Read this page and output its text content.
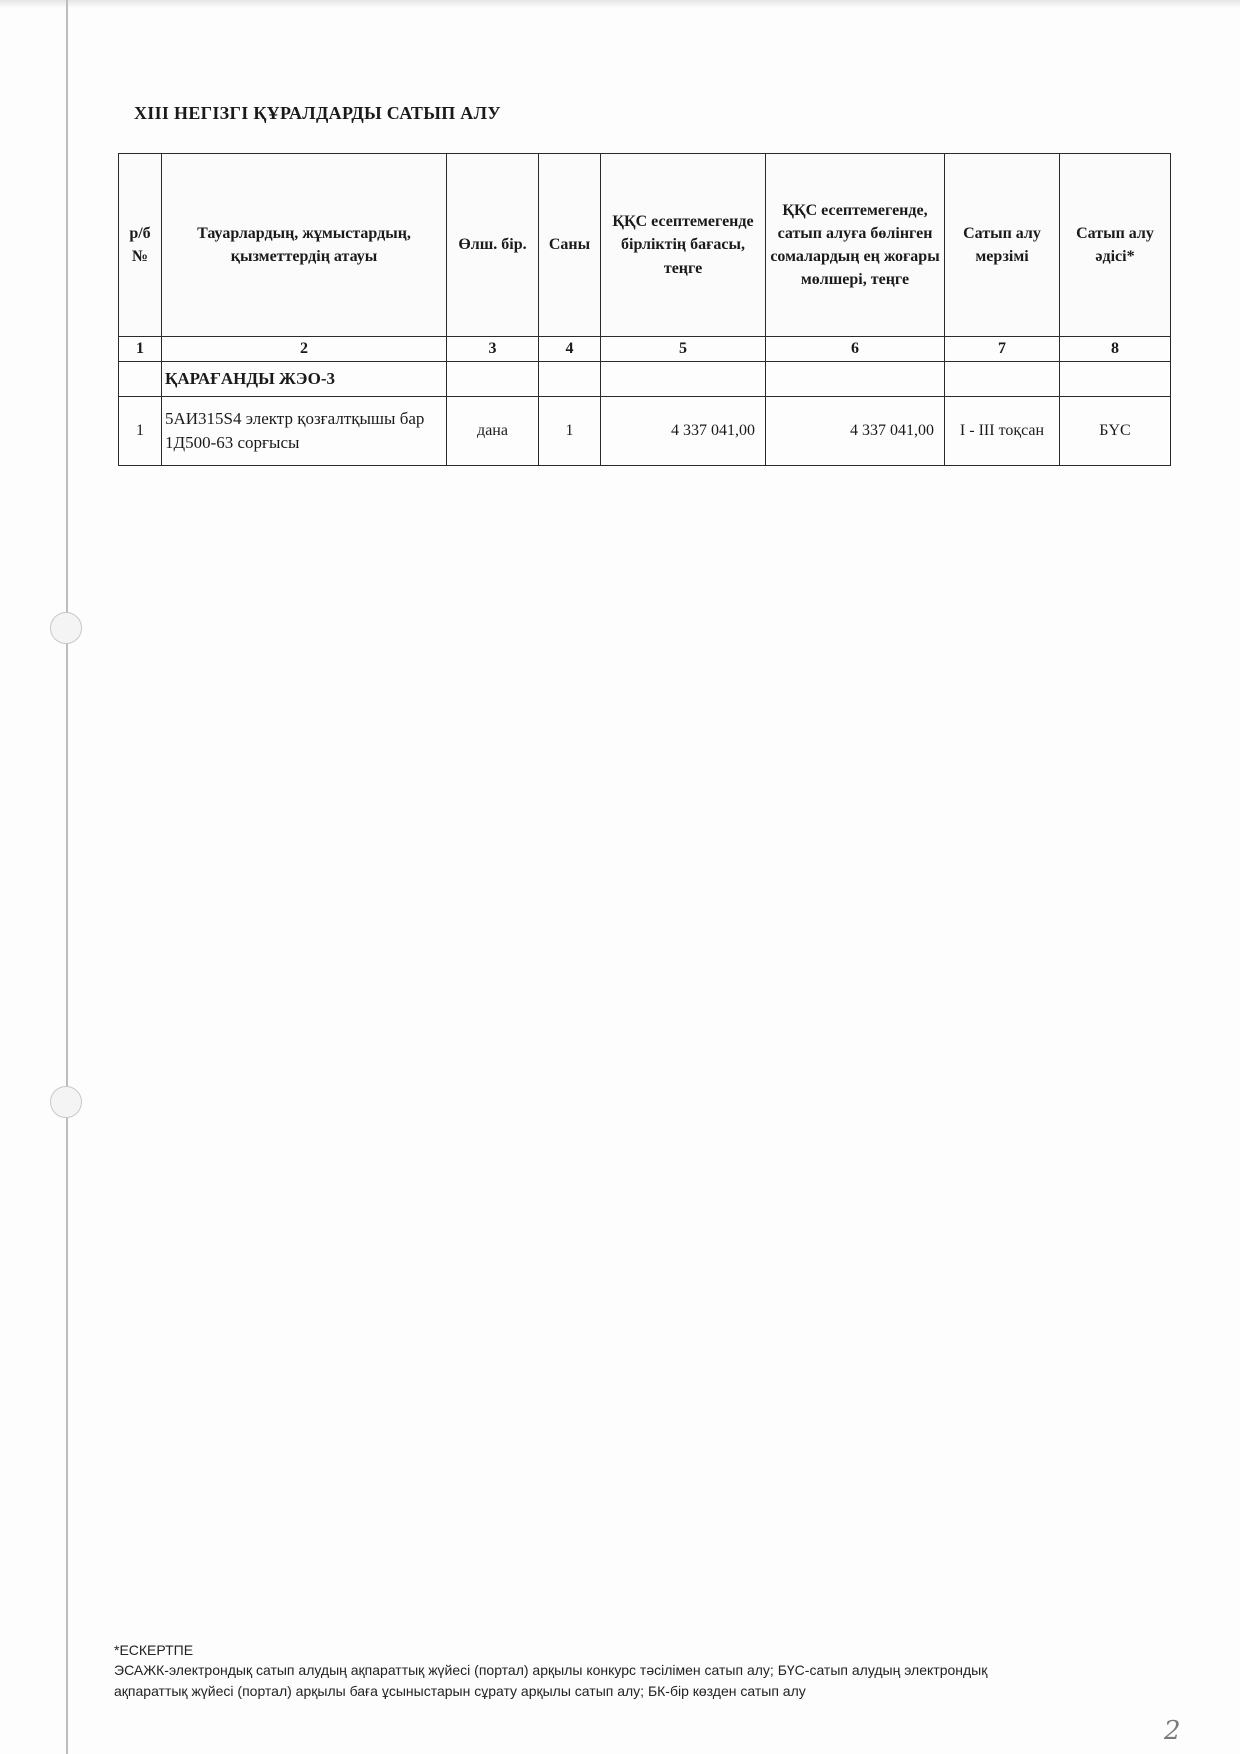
XIII НЕГІЗГІ ҚҰРАЛДАРДЫ САТЫП АЛУ
р/б №	Тауарлардың, жұмыстардың, қызметтердің атауы	Өлш. бір.	Саны	ҚҚС есептемегенде бірліктің бағасы, теңге	ҚҚС есептемегенде, сатып алуға бөлінген сомалардың ең жоғары мөлшері, теңге	Сатып алу мерзімі	Сатып алу әдісі*
1	2	3	4	5	6	7	8
	ҚАРАҒАНДЫ ЖЭО-3						
1	5АИ315S4 электр қозғалтқышы бар 1Д500-63 сорғысы	дана	1	4 337 041,00	4 337 041,00	I - III тоқсан	БҮС

*ЕСКЕРТПЕ

ЭСАЖК-электрондық сатып алудың ақпараттық жүйесі (портал) арқылы конкурс тәсілімен сатып алу; БҮС-сатып алудың электрондық

ақпараттық жүйесі (портал) арқылы баға ұсыныстарын сұрату арқылы сатып алу; БК-бір көзден сатып алу

2
